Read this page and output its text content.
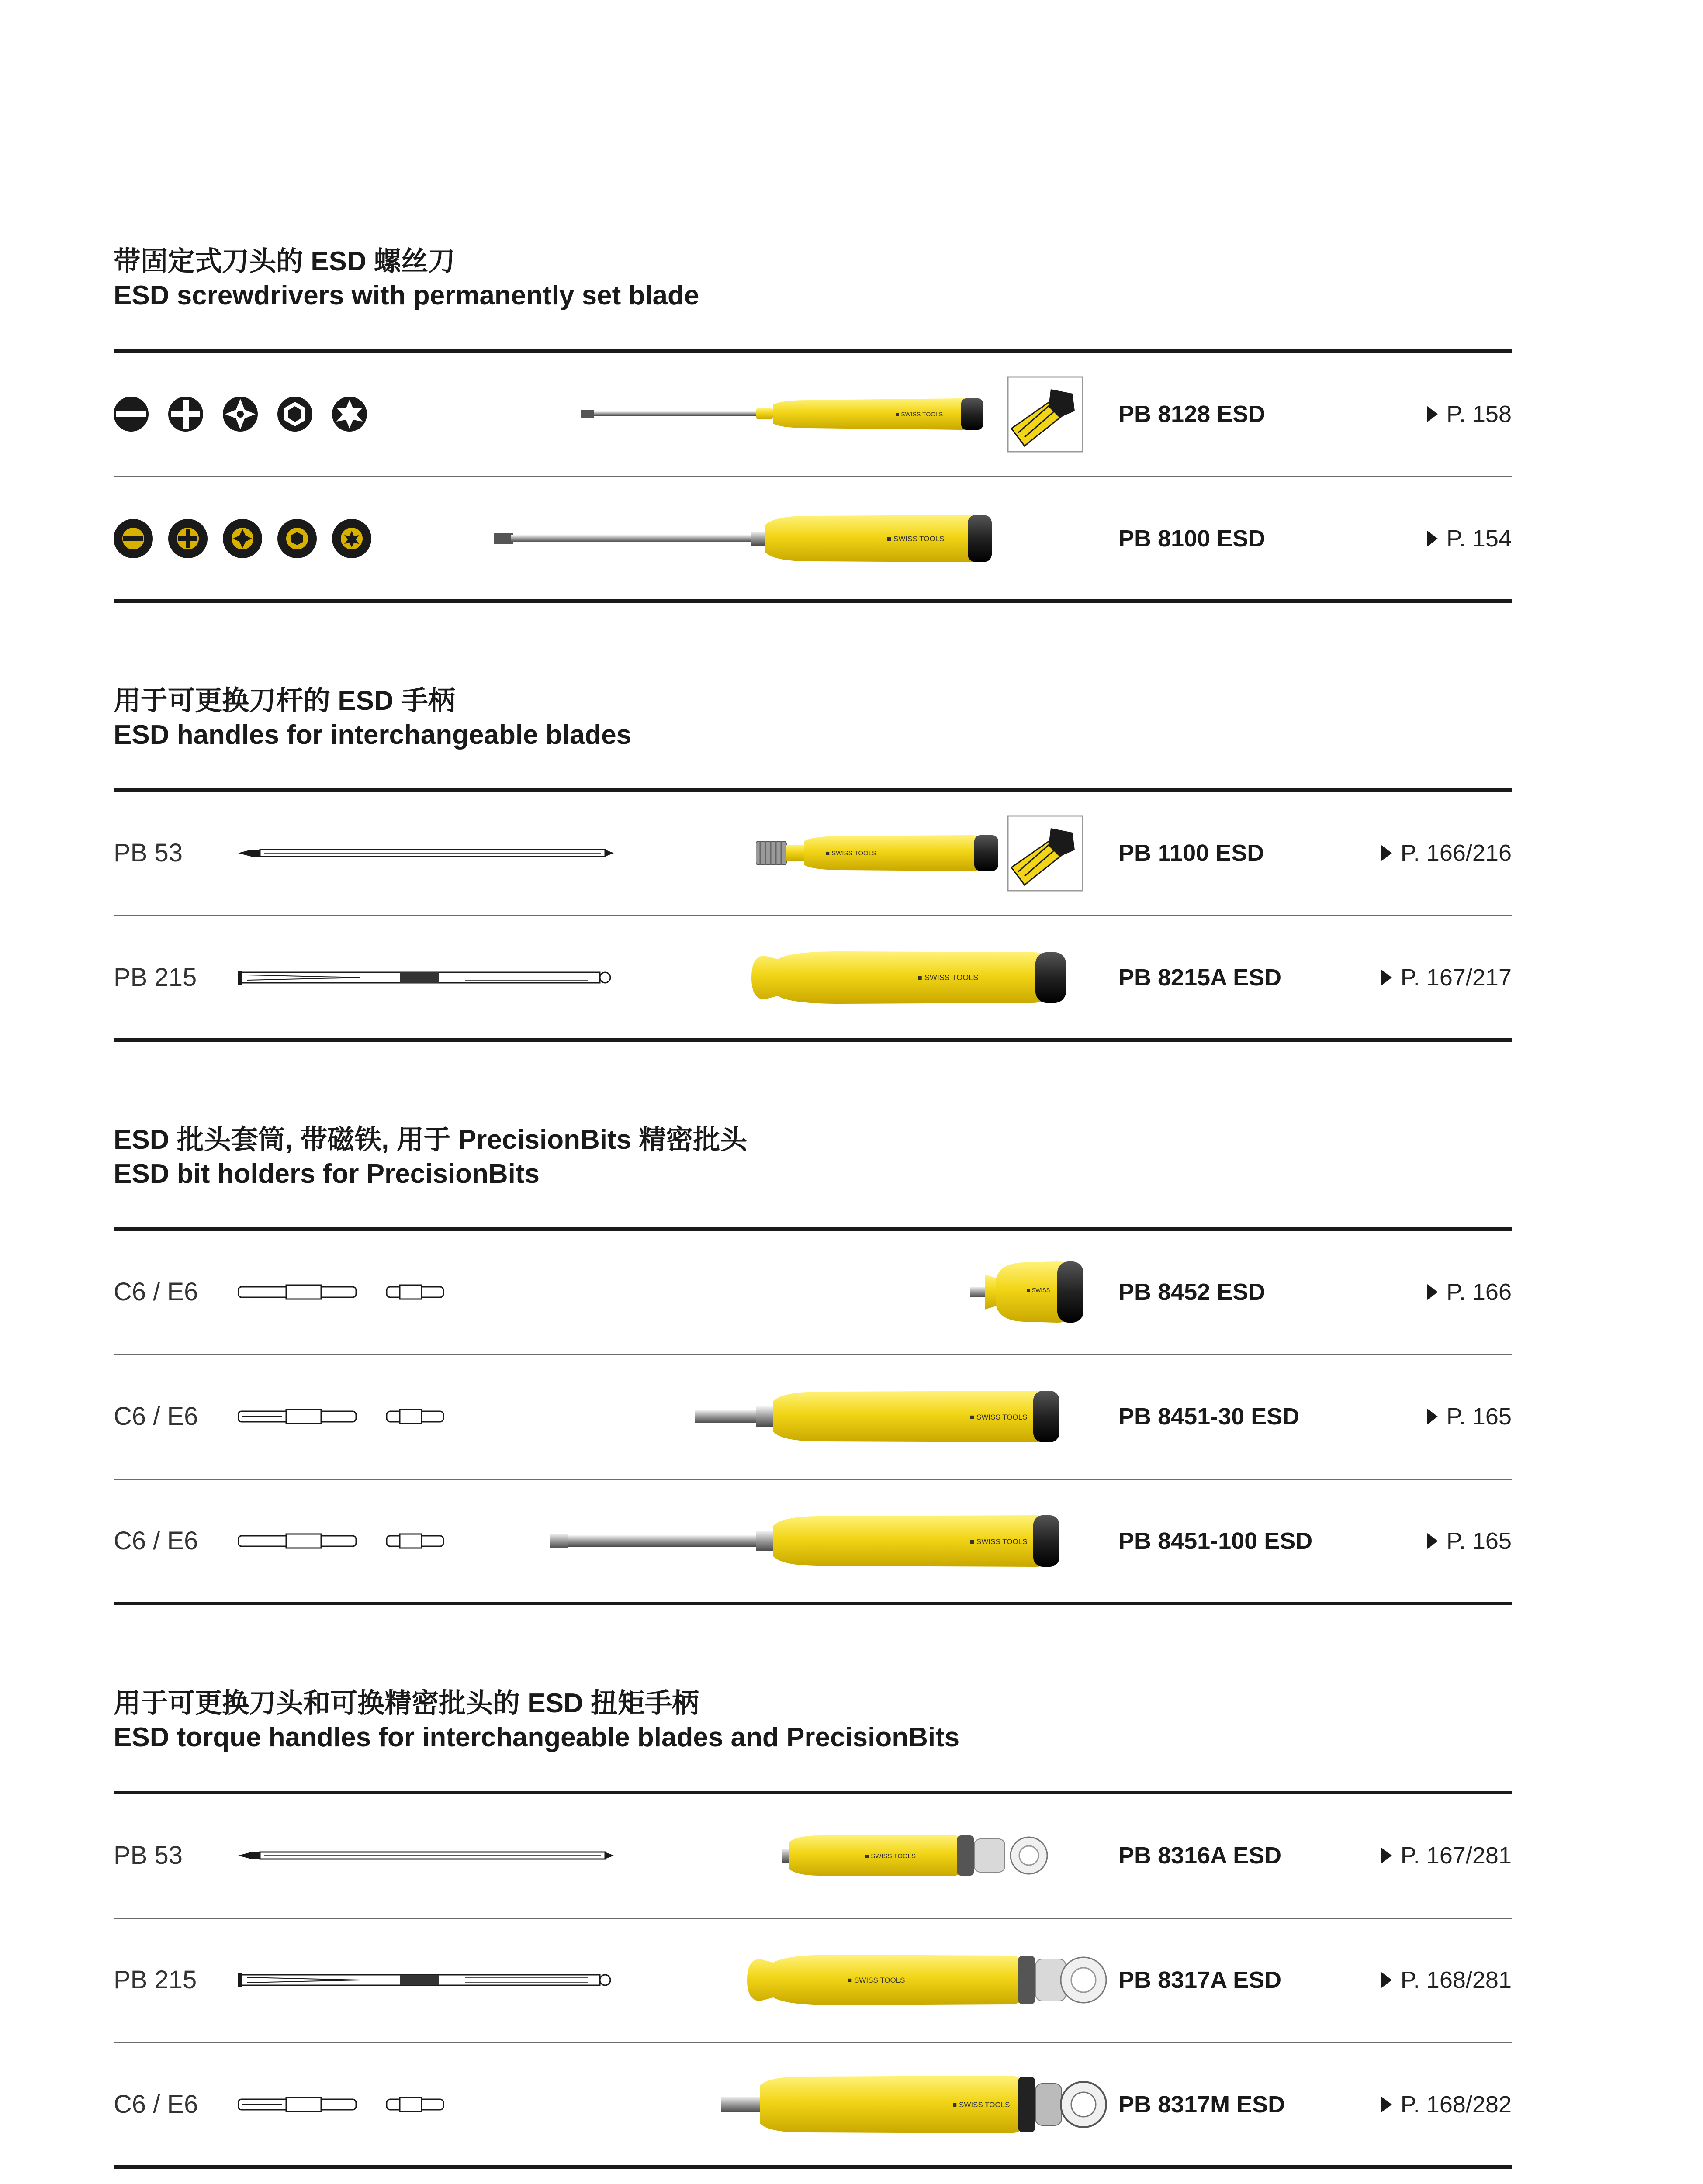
带固定式刀头的 ESD 螺丝刀
ESD screwdrivers with permanently set blade
■ SWISS TOOLS	PB 8128 ESD	P. 158
■ SWISS TOOLS	PB 8100 ESD	P. 154
用于可更换刀杆的 ESD 手柄
ESD handles for interchangeable blades
PB 53	■ SWISS TOOLS	PB 1100 ESD	P. 166/216
PB 215	■ SWISS TOOLS	PB 8215A ESD	P. 167/217
ESD 批头套筒, 带磁铁, 用于 PrecisionBits 精密批头
ESD bit holders for PrecisionBits
C6 / E6	■ SWISS	PB 8452 ESD	P. 166
C6 / E6	■ SWISS TOOLS	PB 8451-30 ESD	P. 165
C6 / E6	■ SWISS TOOLS	PB 8451-100 ESD	P. 165
用于可更换刀头和可换精密批头的 ESD 扭矩手柄
ESD torque handles for interchangeable blades and PrecisionBits
PB 53	■ SWISS TOOLS	PB 8316A ESD	P. 167/281
PB 215	■ SWISS TOOLS	PB 8317A ESD	P. 168/281
C6 / E6	■ SWISS TOOLS	PB 8317M ESD	P. 168/282
